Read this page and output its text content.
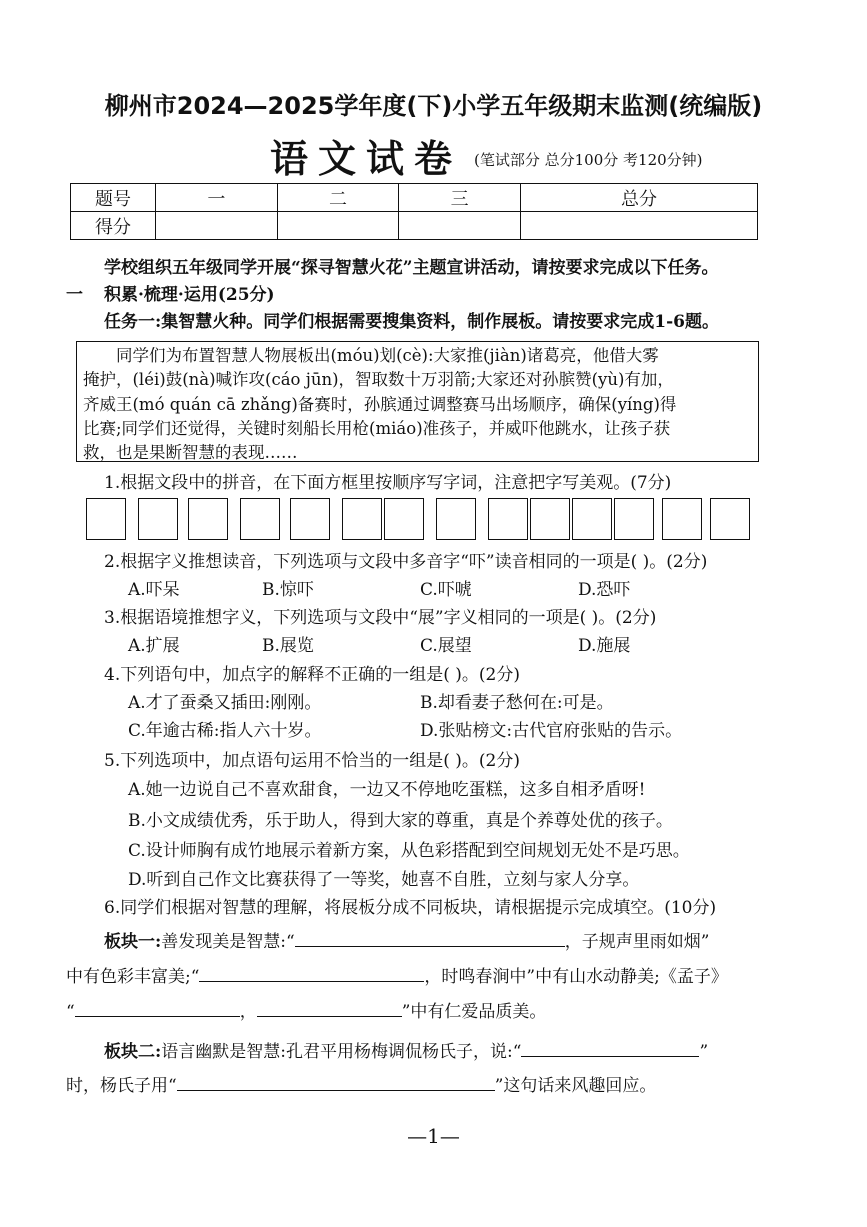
柳州市2024—2025学年度(下)小学五年级期末监测(统编版)
语文试卷 (笔试部分 总分100分 考120分钟)
题号	一	二	三	总分
得分				
学校组织五年级同学开展“探寻智慧火花”主题宣讲活动，请按要求完成以下任务。
一 积累·梳理·运用(25分)
任务一:集智慧火种。同学们根据需要搜集资料，制作展板。请按要求完成1-6题。

同学们为布置智慧人物展板出(móu)划(cè):大家推(jiàn)诸葛亮，他借大雾

掩护，(léi)鼓(nà)喊诈攻(cáo jūn)，智取数十万羽箭;大家还对孙膑赞(yù)有加，

齐威王(mó quán cā zhǎng)备赛时，孙膑通过调整赛马出场顺序，确保(yíng)得

比赛;同学们还觉得，关键时刻船长用枪(miáo)准孩子，并威吓他跳水，让孩子获

救，也是果断智慧的表现……

1.根据文段中的拼音，在下面方框里按顺序写字词，注意把字写美观。(7分)
2.根据字义推想读音，下列选项与文段中多音字“吓”读音相同的一项是( )。(2分)
A.吓呆	B.惊吓	C.吓唬	D.恐吓
3.根据语境推想字义，下列选项与文段中“展”字义相同的一项是( )。(2分)
A.扩展	B.展览	C.展望	D.施展
4.下列语句中，加点字的解释不正确的一组是( )。(2分)
A.才了蚕桑又插田:刚刚。	B.却看妻子愁何在:可是。
C.年逾古稀:指人六十岁。	D.张贴榜文:古代官府张贴的告示。
5.下列选项中，加点语句运用不恰当的一组是( )。(2分)
A.她一边说自己不喜欢甜食，一边又不停地吃蛋糕，这多自相矛盾呀!
B.小文成绩优秀，乐于助人，得到大家的尊重，真是个养尊处优的孩子。
C.设计师胸有成竹地展示着新方案，从色彩搭配到空间规划无处不是巧思。
D.听到自己作文比赛获得了一等奖，她喜不自胜，立刻与家人分享。
6.同学们根据对智慧的理解，将展板分成不同板块，请根据提示完成填空。(10分)
板块一:善发现美是智慧:“	，子规声里雨如烟”
中有色彩丰富美;“	，时鸣春涧中”中有山水动静美;《孟子》
“	，	”中有仁爱品质美。
板块二:语言幽默是智慧:孔君平用杨梅调侃杨氏子，说:“	”
时，杨氏子用“	”这句话来风趣回应。
—1—
